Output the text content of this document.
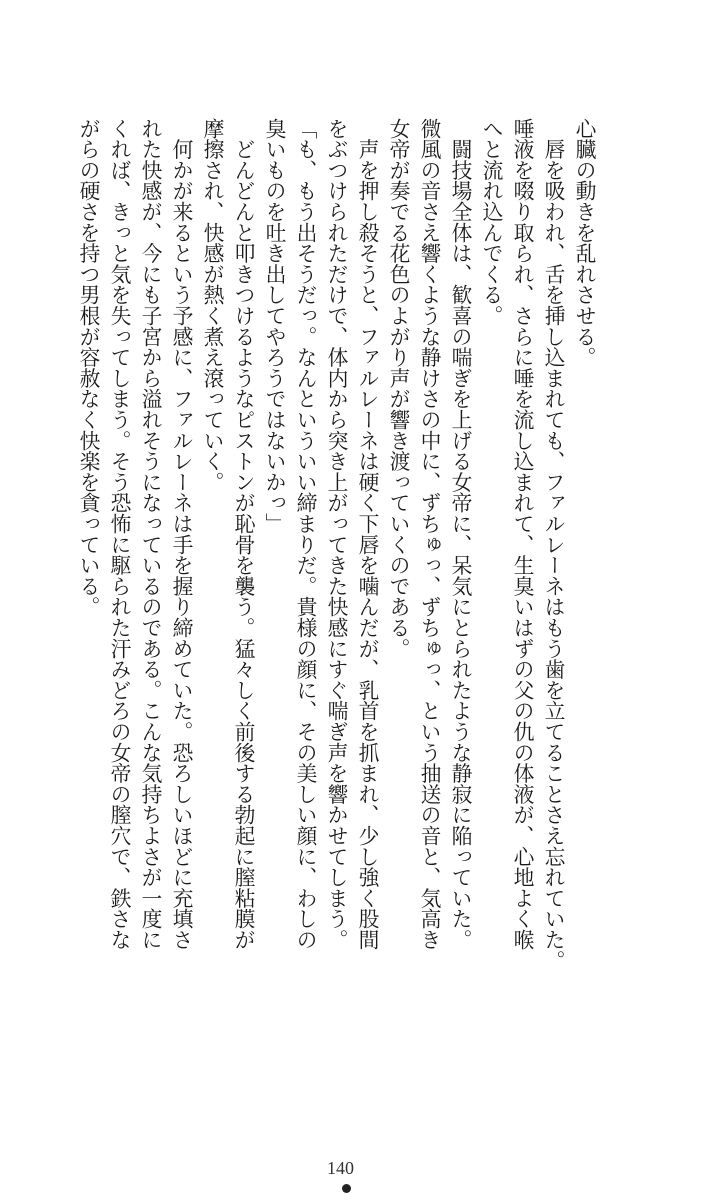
心臓の動きを乱れさせる。
　唇を吸われ、舌を挿し込まれても、ファルレーネはもう歯を立てることさえ忘れていた。
唾液を啜り取られ、さらに唾を流し込まれて、生臭いはずの父の仇の体液が、心地よく喉
へと流れ込んでくる。
　闘技場全体は、歓喜の喘ぎを上げる女帝に、呆気にとられたような静寂に陥っていた。
微風の音さえ響くような静けさの中に、ずちゅっ、ずちゅっ、という抽送の音と、気高き
女帝が奏でる花色のよがり声が響き渡っていくのである。
　声を押し殺そうと、ファルレーネは硬く下唇を噛んだが、乳首を抓まれ、少し強く股間
をぶつけられただけで、体内から突き上がってきた快感にすぐ喘ぎ声を響かせてしまう。
「も、もう出そうだっ。なんといういい締まりだ。貴様の顔に、その美しい顔に、わしの
臭いものを吐き出してやろうではないかっ」
　どんどんと叩きつけるようなピストンが恥骨を襲う。猛々しく前後する勃起に膣粘膜が
摩擦され、快感が熱く煮え滾っていく。
　何かが来るという予感に、ファルレーネは手を握り締めていた。恐ろしいほどに充填さ
れた快感が、今にも子宮から溢れそうになっているのである。こんな気持ちよさが一度に
くれば、きっと気を失ってしまう。そう恐怖に駆られた汗みどろの女帝の膣穴で、鉄さな
がらの硬さを持つ男根が容赦なく快楽を貪っている。
140
